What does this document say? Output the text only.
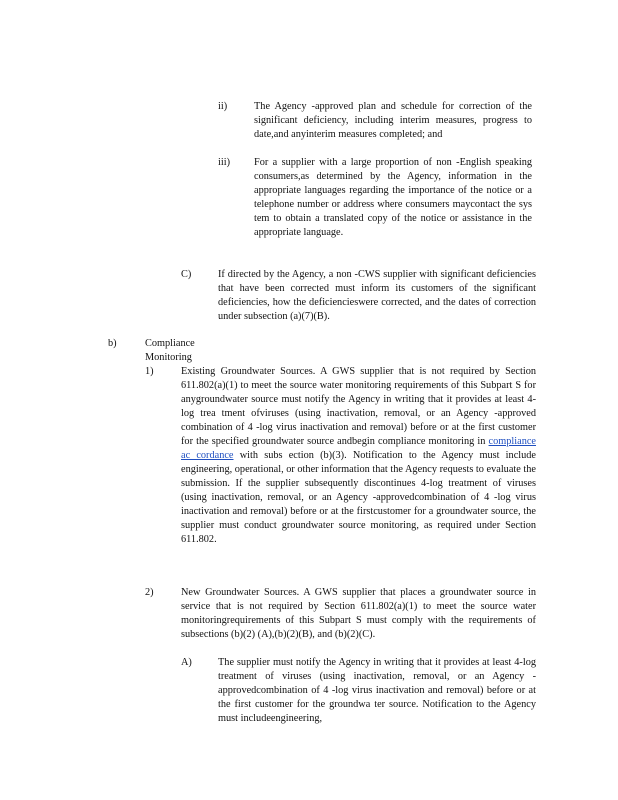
ii)	The Agency -approved plan and schedule for correction of the significant deficiency, including interim measures, progress to date,and anyinterim measures completed; and
iii) For a supplier with a large proportion of non -English speaking consumers,as determined by the Agency, information in the appropriate languages regarding the importance of the notice or a telephone number or address where consumers maycontact the sys tem to obtain a translated copy of the notice or assistance in the appropriate language.
C)	If directed by the Agency, a non -CWS supplier with significant deficiencies that have been corrected must inform its customers of the significant deficiencies, how the deficiencieswere corrected, and the dates of correction under subsection (a)(7)(B).
b)	Compliance Monitoring
1)	Existing Groundwater Sources. A GWS supplier that is not required by Section 611.802(a)(1) to meet the source water monitoring requirements of this Subpart S for anygroundwater source must notify the Agency in writing that it provides at least 4-log trea tment ofviruses (using inactivation, removal, or an Agency -approved combination of 4 -log virus inactivation and removal) before or at the first customer for the specified groundwater source andbegin compliance monitoring in compliance ac cordance with subs ection (b)(3). Notification to the Agency must include engineering, operational, or other information that the Agency requests to evaluate the submission. If the supplier subsequently discontinues 4-log treatment of viruses (using inactivation, removal, or an Agency -approvedcombination of 4 -log virus inactivation and removal) before or at the firstcustomer for a groundwater source, the supplier must conduct groundwater source monitoring, as required under Section 611.802.
2)	New Groundwater Sources. A GWS supplier that places a groundwater source in service that is not required by Section 611.802(a)(1) to meet the source water monitoringrequirements of this Subpart S must comply with the requirements of subsections (b)(2) (A),(b)(2)(B), and (b)(2)(C).
A)	The supplier must notify the Agency in writing that it provides at least 4-log treatment of viruses (using inactivation, removal, or an Agency -approvedcombination of 4 -log virus inactivation and removal) before or at the first customer for the groundwa ter source. Notification to the Agency must includeengineering,
